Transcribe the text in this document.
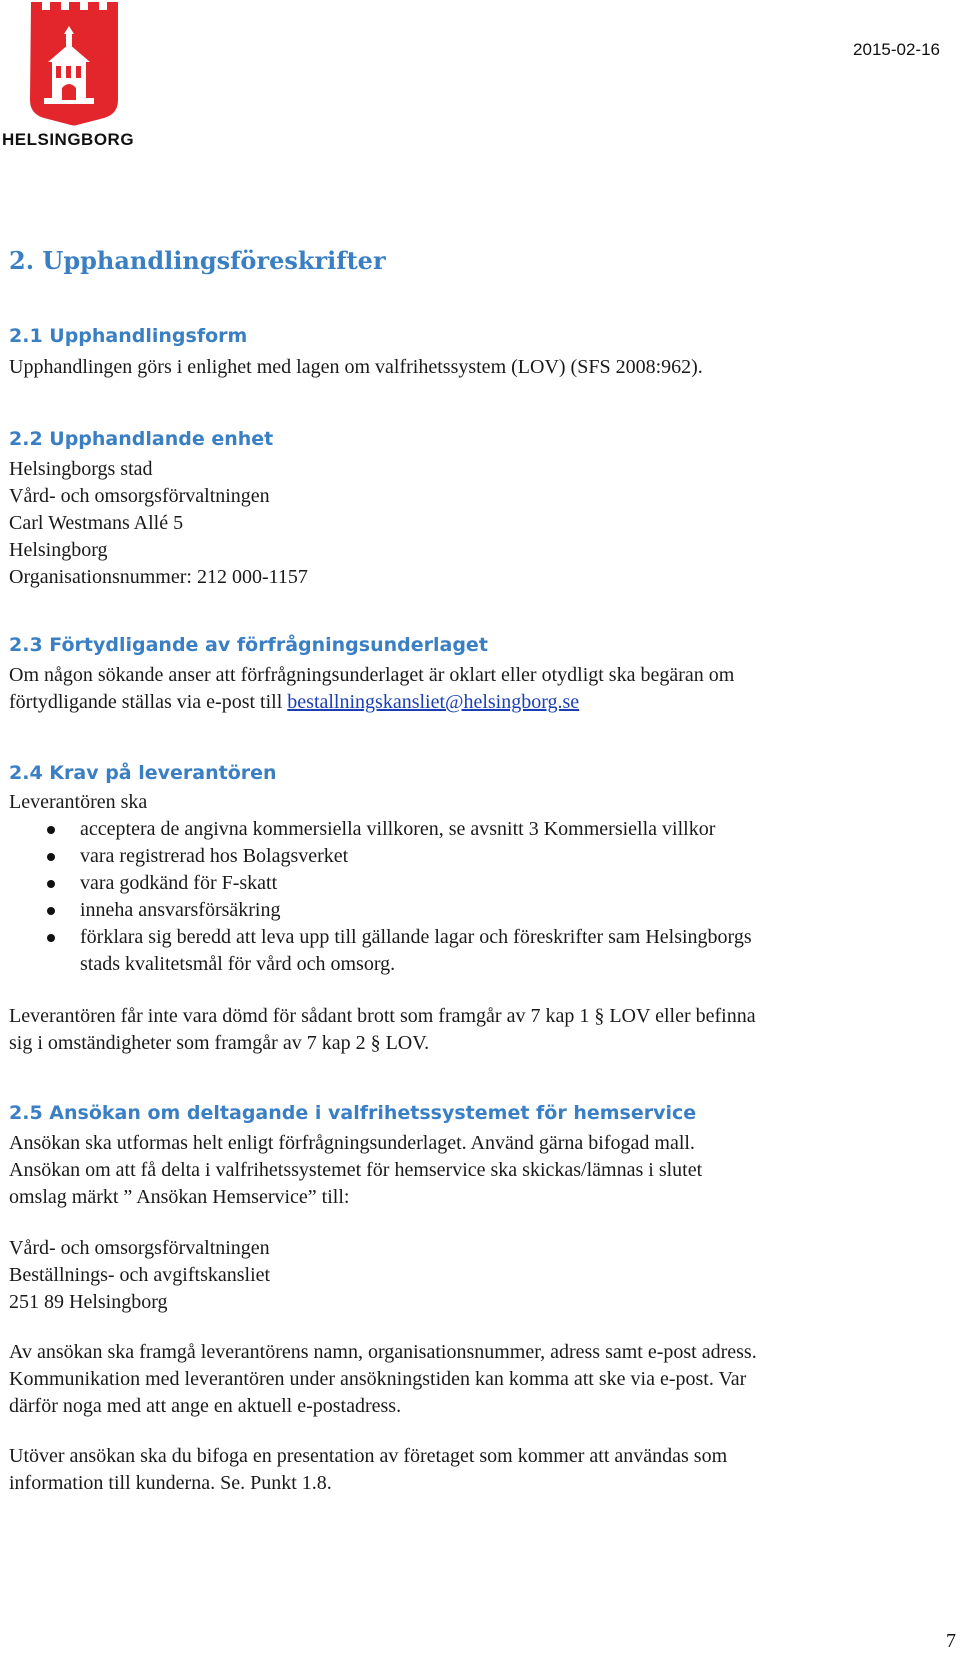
HELSINGBORG
2015-02-16
2. Upphandlingsföreskrifter
2.1 Upphandlingsform

Upphandlingen görs i enlighet med lagen om valfrihetssystem (LOV) (SFS 2008:962).

2.2 Upphandlande enhet

Helsingborgs stad
Vård- och omsorgsförvaltningen
Carl Westmans Allé 5
Helsingborg
Organisationsnummer: 212 000-1157

2.3 Förtydligande av förfrågningsunderlaget

Om någon sökande anser att förfrågningsunderlaget är oklart eller otydligt ska begäran om
förtydligande ställas via e-post till bestallningskansliet@helsingborg.se

2.4 Krav på leverantören

Leverantören ska

acceptera de angivna kommersiella villkoren, se avsnitt 3 Kommersiella villkor
vara registrerad hos Bolagsverket
vara godkänd för F-skatt
inneha ansvarsförsäkring
förklara sig beredd att leva upp till gällande lagar och föreskrifter sam Helsingborgs
stads kvalitetsmål för vård och omsorg.

Leverantören får inte vara dömd för sådant brott som framgår av 7 kap 1 § LOV eller befinna
sig i omständigheter som framgår av 7 kap 2 § LOV.

2.5 Ansökan om deltagande i valfrihetssystemet för hemservice

Ansökan ska utformas helt enligt förfrågningsunderlaget. Använd gärna bifogad mall.
Ansökan om att få delta i valfrihetssystemet för hemservice ska skickas/lämnas i slutet
omslag märkt ” Ansökan Hemservice” till:

Vård- och omsorgsförvaltningen
Beställnings- och avgiftskansliet
251 89 Helsingborg

Av ansökan ska framgå leverantörens namn, organisationsnummer, adress samt e-post adress.
Kommunikation med leverantören under ansökningstiden kan komma att ske via e-post. Var
därför noga med att ange en aktuell e-postadress.

Utöver ansökan ska du bifoga en presentation av företaget som kommer att användas som
information till kunderna. Se. Punkt 1.8.

7
